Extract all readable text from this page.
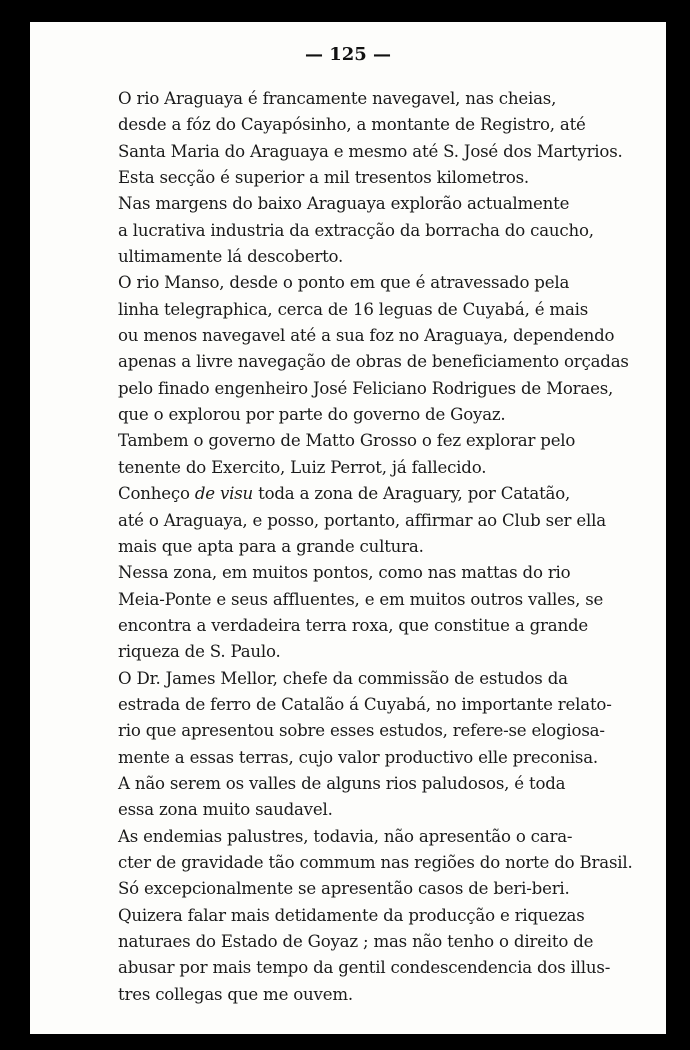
— 125 —

O rio Araguaya é francamente navegavel, nas cheias,
desde a fóz do Cayapósinho, a montante de Registro, até
Santa Maria do Araguaya e mesmo até S. José dos Martyrios.
Esta secção é superior a mil tresentos kilometros.

Nas margens do baixo Araguaya explorão actualmente
a lucrativa industria da extracção da borracha do caucho,
ultimamente lá descoberto.

O rio Manso, desde o ponto em que é atravessado pela
linha telegraphica, cerca de 16 leguas de Cuyabá, é mais
ou menos navegavel até a sua foz no Araguaya, dependendo
apenas a livre navegação de obras de beneficiamento orçadas
pelo finado engenheiro José Feliciano Rodrigues de Moraes,
que o explorou por parte do governo de Goyaz.

Tambem o governo de Matto Grosso o fez explorar pelo
tenente do Exercito, Luiz Perrot, já fallecido.

Conheço de visu toda a zona de Araguary, por Catatão,
até o Araguaya, e posso, portanto, affirmar ao Club ser ella
mais que apta para a grande cultura.

Nessa zona, em muitos pontos, como nas mattas do rio
Meia-Ponte e seus affluentes, e em muitos outros valles, se
encontra a verdadeira terra roxa, que constitue a grande
riqueza de S. Paulo.

O Dr. James Mellor, chefe da commissão de estudos da
estrada de ferro de Catalão á Cuyabá, no importante relato-
rio que apresentou sobre esses estudos, refere-se elogiosa-
mente a essas terras, cujo valor productivo elle preconisa.

A não serem os valles de alguns rios paludosos, é toda
essa zona muito saudavel.

As endemias palustres, todavia, não apresentão o cara-
cter de gravidade tão commum nas regiões do norte do Brasil.

Só excepcionalmente se apresentão casos de beri-beri.

Quizera falar mais detidamente da producção e riquezas
naturaes do Estado de Goyaz ; mas não tenho o direito de
abusar por mais tempo da gentil condescendencia dos illus-
tres collegas que me ouvem.
